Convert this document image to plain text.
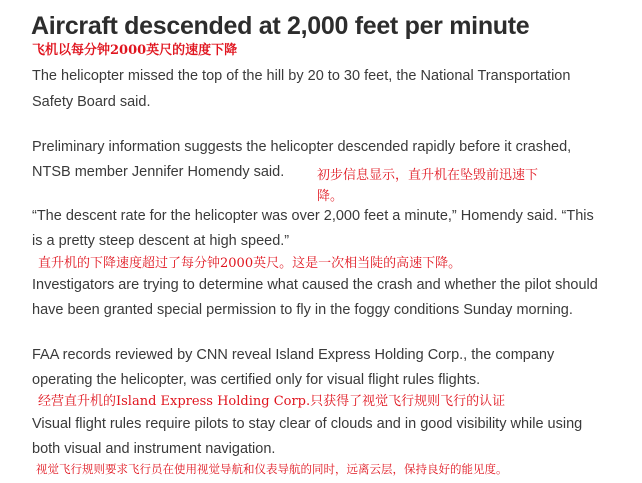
Aircraft descended at 2,000 feet per minute
飞机以每分钟2000英尺的速度下降
The helicopter missed the top of the hill by 20 to 30 feet, the National Transportation
Safety Board said.
Preliminary information suggests the helicopter descended rapidly before it crashed,
NTSB member Jennifer Homendy said.	初步信息显示，直升机在坠毁前迅速下
降。
“The descent rate for the helicopter was over 2,000 feet a minute,” Homendy said. “This
is a pretty steep descent at high speed.”
直升机的下降速度超过了每分钟2000英尺。这是一次相当陡的高速下降。
Investigators are trying to determine what caused the crash and whether the pilot should
have been granted special permission to fly in the foggy conditions Sunday morning.
FAA records reviewed by CNN reveal Island Express Holding Corp., the company
operating the helicopter, was certified only for visual flight rules flights.
经营直升机的Island Express Holding Corp.只获得了视觉飞行规则飞行的认证
Visual flight rules require pilots to stay clear of clouds and in good visibility while using
both visual and instrument navigation.
视觉飞行规则要求飞行员在使用视觉导航和仪表导航的同时，远离云层，保持良好的能见度。
